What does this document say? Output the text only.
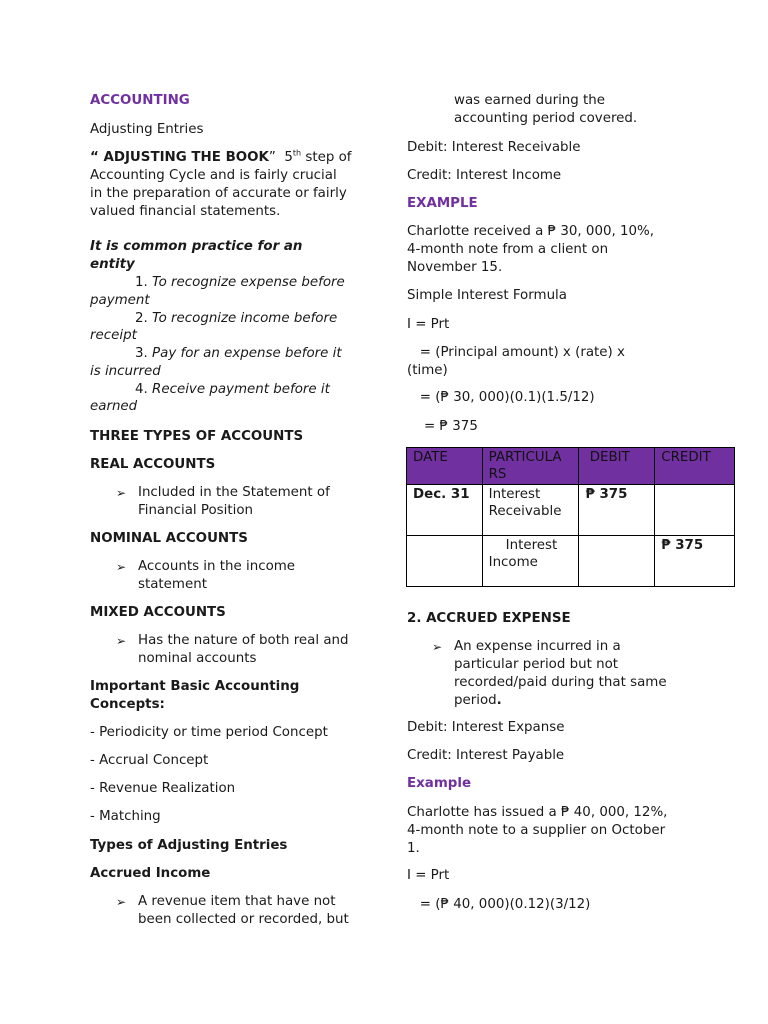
ACCOUNTING

Adjusting Entries

“ ADJUSTING THE BOOK” 5th step of

Accounting Cycle and is fairly crucial

in the preparation of accurate or fairly

valued financial statements.

It is common practice for an

entity

1. To recognize expense before

payment

2. To recognize income before

receipt

3. Pay for an expense before it

is incurred

4. Receive payment before it

earned

THREE TYPES OF ACCOUNTS

REAL ACCOUNTS

➢ Included in the Statement of
Financial Position

NOMINAL ACCOUNTS

➢ Accounts in the income
statement

MIXED ACCOUNTS

➢ Has the nature of both real and
nominal accounts

Important Basic Accounting

Concepts:

- Periodicity or time period Concept

- Accrual Concept

- Revenue Realization

- Matching

Types of Adjusting Entries

Accrued Income

➢ A revenue item that have not
been collected or recorded, but

was earned during the

accounting period covered.

Debit: Interest Receivable

Credit: Interest Income

EXAMPLE

Charlotte received a ₱ 30, 000, 10%,

4-month note from a client on

November 15.

Simple Interest Formula

I = Prt

= (Principal amount) x (rate) x

(time)

= (₱ 30, 000)(0.1)(1.5/12)

= ₱ 375

2. ACCRUED EXPENSE

➢ An expense incurred in a
particular period but not
recorded/paid during that same
period.

Debit: Interest Expanse

Credit: Interest Payable

Example

Charlotte has issued a ₱ 40, 000, 12%,

4-month note to a supplier on October

1.

I = Prt

= (₱ 40, 000)(0.12)(3/12)

DATE	PARTICULA RS	DEBIT	CREDIT
Dec. 31	Interest Receivable	₱ 375	
	Interest Income		₱ 375
